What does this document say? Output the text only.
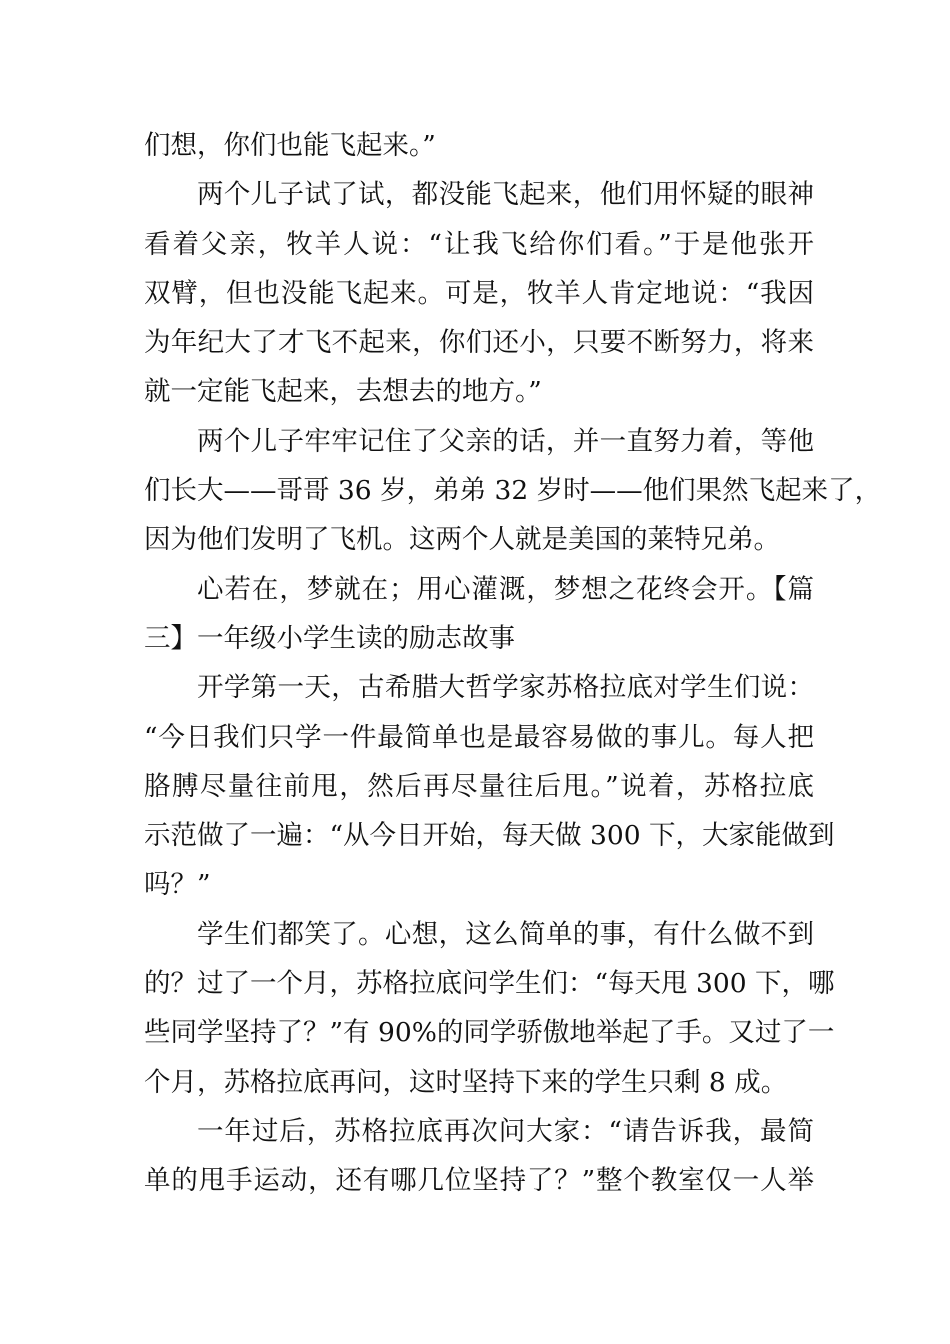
们想，你们也能飞起来。”
两个儿子试了试，都没能飞起来，他们用怀疑的眼神
看着父亲，牧羊人说：“让我飞给你们看。”于是他张开
双臂，但也没能飞起来。可是，牧羊人肯定地说：“我因
为年纪大了才飞不起来，你们还小，只要不断努力，将来
就一定能飞起来，去想去的地方。”
两个儿子牢牢记住了父亲的话，并一直努力着，等他
们长大——哥哥 36 岁，弟弟 32 岁时——他们果然飞起来了，
因为他们发明了飞机。这两个人就是美国的莱特兄弟。
心若在，梦就在；用心灌溉，梦想之花终会开。【篇
三】一年级小学生读的励志故事
开学第一天，古希腊大哲学家苏格拉底对学生们说：
“今日我们只学一件最简单也是最容易做的事儿。每人把
胳膊尽量往前甩，然后再尽量往后甩。”说着，苏格拉底
示范做了一遍：“从今日开始，每天做 300 下，大家能做到
吗？”
学生们都笑了。心想，这么简单的事，有什么做不到
的？过了一个月，苏格拉底问学生们：“每天甩 300 下，哪
些同学坚持了？”有 90%的同学骄傲地举起了手。又过了一
个月，苏格拉底再问，这时坚持下来的学生只剩 8 成。
一年过后，苏格拉底再次问大家：“请告诉我，最简
单的甩手运动，还有哪几位坚持了？”整个教室仅一人举
